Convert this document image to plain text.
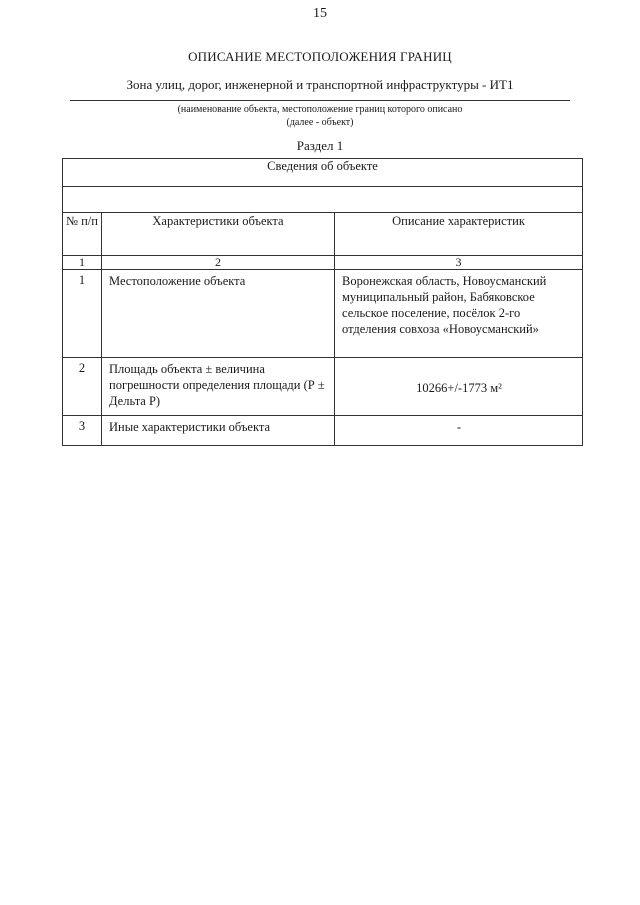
15
ОПИСАНИЕ МЕСТОПОЛОЖЕНИЯ ГРАНИЦ
Зона улиц, дорог, инженерной и транспортной инфраструктуры - ИТ1
(наименование объекта, местоположение границ которого описано
(далее - объект)
Раздел 1
Сведения об объекте		

№ п/п	Характеристики объекта	Описание характеристик
1	2	3
1	Местоположение объекта	Воронежская область, Новоусманский муниципальный район, Бабяковское сельское поселение, посёлок 2-го отделения совхоза «Новоусманский»
2	Площадь объекта ± величина погрешности определения площади (Р ± Дельта Р)	10266+/-1773 м²
3	Иные характеристики объекта	-
